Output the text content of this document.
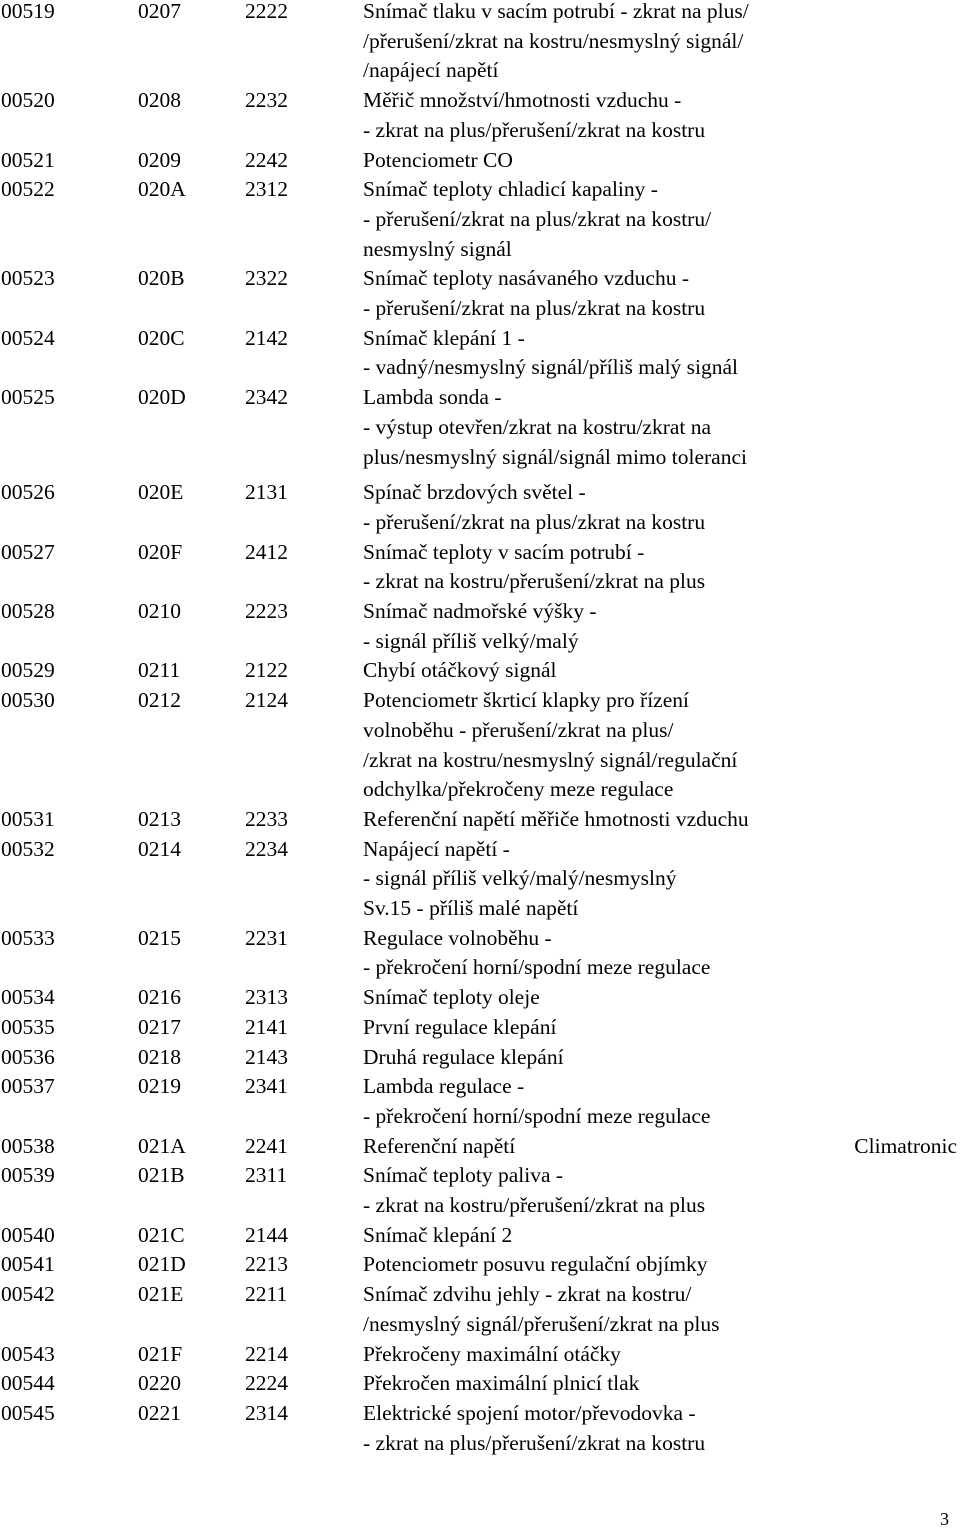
00519	0207	2222	Snímač tlaku v sacím potrubí - zkrat na plus/
/přerušení/zkrat na kostru/nesmyslný signál/
/napájecí napětí
00520	0208	2232	Měřič množství/hmotnosti vzduchu -
- zkrat na plus/přerušení/zkrat na kostru
00521	0209	2242	Potenciometr CO
00522	020A	2312	Snímač teploty chladicí kapaliny -
- přerušení/zkrat na plus/zkrat na kostru/
nesmyslný signál
00523	020B	2322	Snímač teploty nasávaného vzduchu -
- přerušení/zkrat na plus/zkrat na kostru
00524	020C	2142	Snímač klepání 1 -
- vadný/nesmyslný signál/příliš malý signál
00525	020D	2342	Lambda sonda -
- výstup otevřen/zkrat na kostru/zkrat na
plus/nesmyslný signál/signál mimo toleranci
00526	020E	2131	Spínač brzdových světel -
- přerušení/zkrat na plus/zkrat na kostru
00527	020F	2412	Snímač teploty v sacím potrubí -
- zkrat na kostru/přerušení/zkrat na plus
00528	0210	2223	Snímač nadmořské výšky -
- signál příliš velký/malý
00529	0211	2122	Chybí otáčkový signál
00530	0212	2124	Potenciometr škrticí klapky pro řízení
volnoběhu - přerušení/zkrat na plus/
/zkrat na kostru/nesmyslný signál/regulační
odchylka/překročeny meze regulace
00531	0213	2233	Referenční napětí měřiče hmotnosti vzduchu
00532	0214	2234	Napájecí napětí -
- signál příliš velký/malý/nesmyslný
Sv.15 - příliš malé napětí
00533	0215	2231	Regulace volnoběhu -
- překročení horní/spodní meze regulace
00534	0216	2313	Snímač teploty oleje
00535	0217	2141	První regulace klepání
00536	0218	2143	Druhá regulace klepání
00537	0219	2341	Lambda regulace -
- překročení horní/spodní meze regulace
00538	021A	2241	Referenční napětí	Climatronic
00539	021B	2311	Snímač teploty paliva -
- zkrat na kostru/přerušení/zkrat na plus
00540	021C	2144	Snímač klepání 2
00541	021D	2213	Potenciometr posuvu regulační objímky
00542	021E	2211	Snímač zdvihu jehly - zkrat na kostru/
/nesmyslný signál/přerušení/zkrat na plus
00543	021F	2214	Překročeny maximální otáčky
00544	0220	2224	Překročen maximální plnicí tlak
00545	0221	2314	Elektrické spojení motor/převodovka -
- zkrat na plus/přerušení/zkrat na kostru
3
